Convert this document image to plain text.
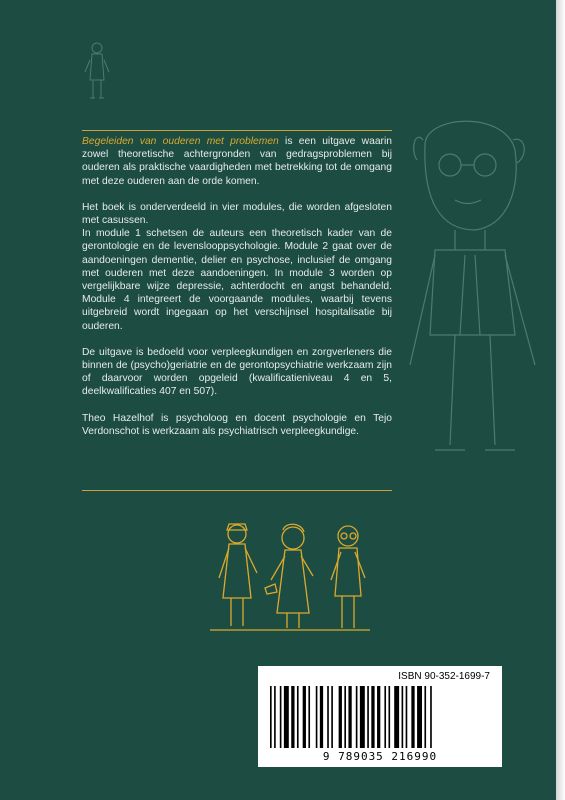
Begeleiden van ouderen met problemen is een uitgave waarin zowel theoretische achtergronden van gedragsproblemen bij ouderen als praktische vaardigheden met betrekking tot de omgang met deze ouderen aan de orde komen.

Het boek is onderverdeeld in vier modules, die worden afgesloten met casussen.

In module 1 schetsen de auteurs een theoretisch kader van de gerontologie en de levenslooppsychologie. Module 2 gaat over de aandoeningen dementie, delier en psychose, inclusief de omgang met ouderen met deze aandoeningen. In module 3 worden op vergelijkbare wijze depressie, achterdocht en angst behandeld. Module 4 integreert de voorgaande modules, waarbij tevens uitgebreid wordt ingegaan op het verschijnsel hospitalisatie bij ouderen.

De uitgave is bedoeld voor verpleegkundigen en zorgverleners die binnen de (psycho)geriatrie en de gerontopsychiatrie werkzaam zijn of daarvoor worden opgeleid (kwalificatieniveau 4 en 5, deelkwalificaties 407 en 507).

Theo Hazelhof is psycholoog en docent psychologie en Tejo Verdonschot is werkzaam als psychiatrisch verpleegkundige.

ISBN 90-352-1699-7
9 789035 216990
